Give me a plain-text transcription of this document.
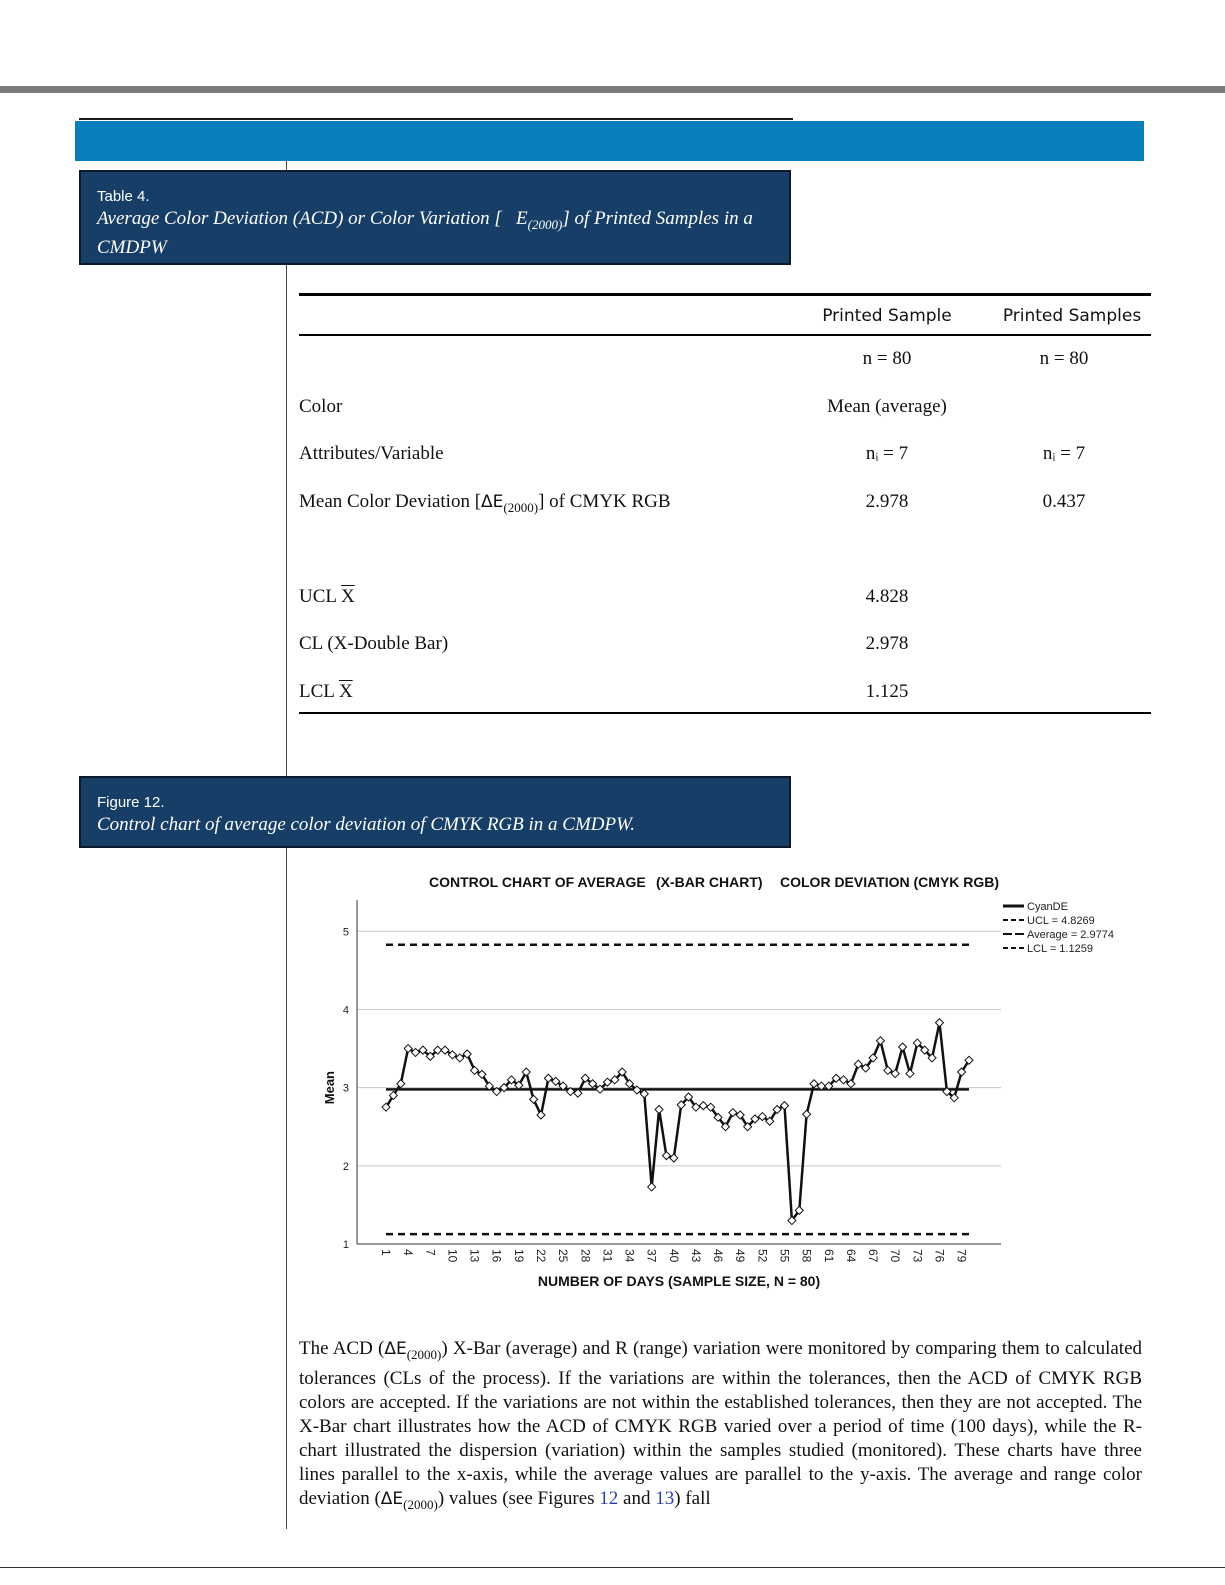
Table 4.
Average Color Deviation (ACD) or Color Variation [ $E_{(2000)}$] of Printed Samples in a CMDPW
Printed Sample	Printed Samples
n = 80	n = 80
Color	Mean (average)
Attributes/Variable	nᵢ = 7	nᵢ = 7
Mean Color Deviation $[\Delta E_{(2000)}]$ of CMYK RGB	2.978	0.437
UCL $\overline{X}$	4.828
CL (X-Double Bar)	2.978
LCL $\overline{X}$	1.125
Figure 12.
Control chart of average color deviation of CMYK RGB in a CMDPW.
CONTROL CHART OF AVERAGE (X-BAR CHART) COLOR DEVIATION (CMYK RGB)
1
2
3
4
5
Mean
1 4 7 10 13 16 19 22 25 28 31 34 37 40 43 46 49 52 55 58 61 64 67 70 73 76 79
NUMBER OF DAYS (SAMPLE SIZE, N = 80)
CyanDE
UCL = 4.8269
Average = 2.9774
LCL = 1.1259
The ACD $(\Delta E_{(2000)})$ X-Bar (average) and R (range) variation were monitored by comparing them to calculated tolerances (CLs of the process). If the variations are within the tolerances, then the ACD of CMYK RGB colors are accepted. If the variations are not within the established tolerances, then they are not accepted. The X-Bar chart illustrates how the ACD of CMYK RGB varied over a period of time (100 days), while the R-chart illustrated the dispersion (variation) within the samples studied (monitored). These charts have three lines parallel to the x-axis, while the average values are parallel to the y-axis. The average and range color deviation $(\Delta E_{(2000)})$ values (see Figures 12 and 13) fall
